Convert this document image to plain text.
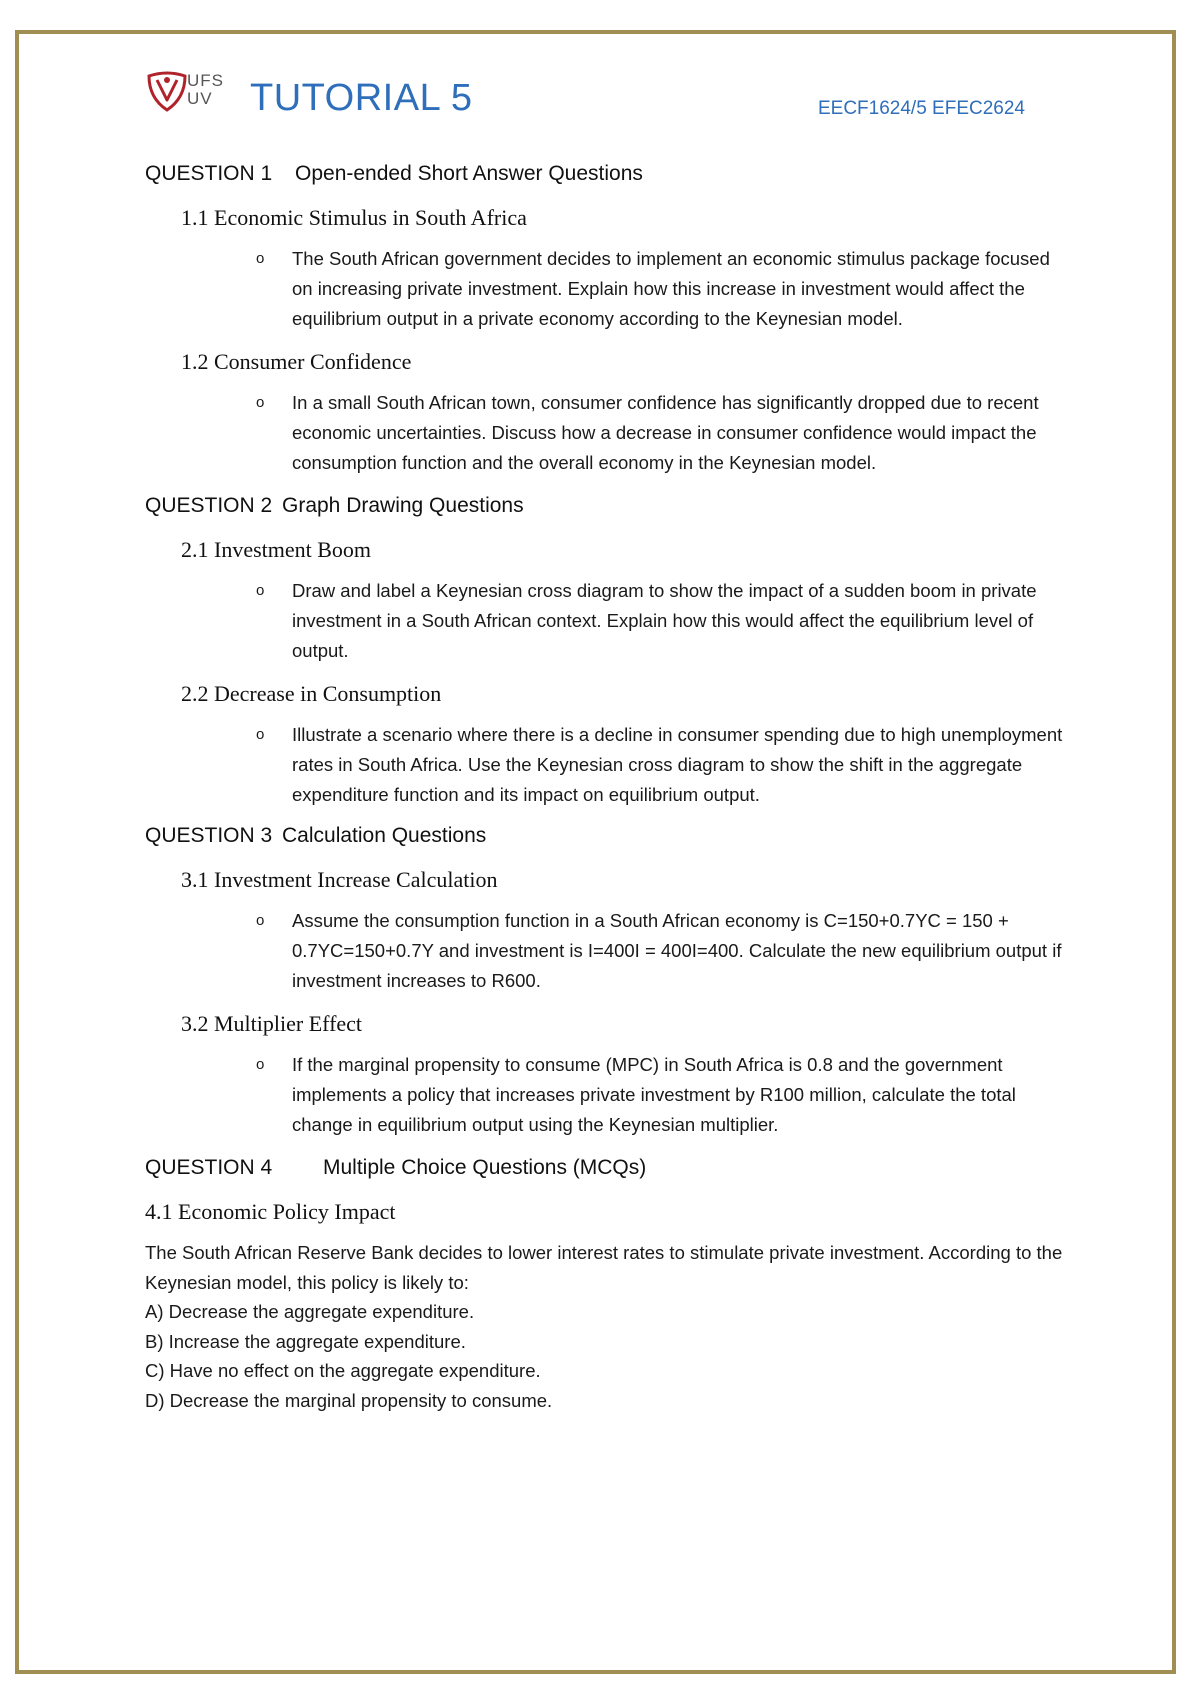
UFS
UV TUTORIAL 5	EECF1624/5 EFEC2624

QUESTION 1 Open-ended Short Answer Questions

1.1 Economic Stimulus in South Africa

o The South African government decides to implement an economic stimulus package focused on increasing private investment. Explain how this increase in investment would affect the equilibrium output in a private economy according to the Keynesian model.

1.2 Consumer Confidence

o In a small South African town, consumer confidence has significantly dropped due to recent economic uncertainties. Discuss how a decrease in consumer confidence would impact the consumption function and the overall economy in the Keynesian model.

QUESTION 2 Graph Drawing Questions

2.1 Investment Boom

o Draw and label a Keynesian cross diagram to show the impact of a sudden boom in private investment in a South African context. Explain how this would affect the equilibrium level of output.

2.2 Decrease in Consumption

o Illustrate a scenario where there is a decline in consumer spending due to high unemployment rates in South Africa. Use the Keynesian cross diagram to show the shift in the aggregate expenditure function and its impact on equilibrium output.

QUESTION 3 Calculation Questions

3.1 Investment Increase Calculation

o Assume the consumption function in a South African economy is C=150+0.7YC = 150 + 0.7YC=150+0.7Y and investment is I=400I = 400I=400. Calculate the new equilibrium output if investment increases to R600.

3.2 Multiplier Effect

o If the marginal propensity to consume (MPC) in South Africa is 0.8 and the government implements a policy that increases private investment by R100 million, calculate the total change in equilibrium output using the Keynesian multiplier.

QUESTION 4 Multiple Choice Questions (MCQs)

4.1 Economic Policy Impact

The South African Reserve Bank decides to lower interest rates to stimulate private investment. According to the Keynesian model, this policy is likely to:

A) Decrease the aggregate expenditure.

B) Increase the aggregate expenditure.

C) Have no effect on the aggregate expenditure.

D) Decrease the marginal propensity to consume.
